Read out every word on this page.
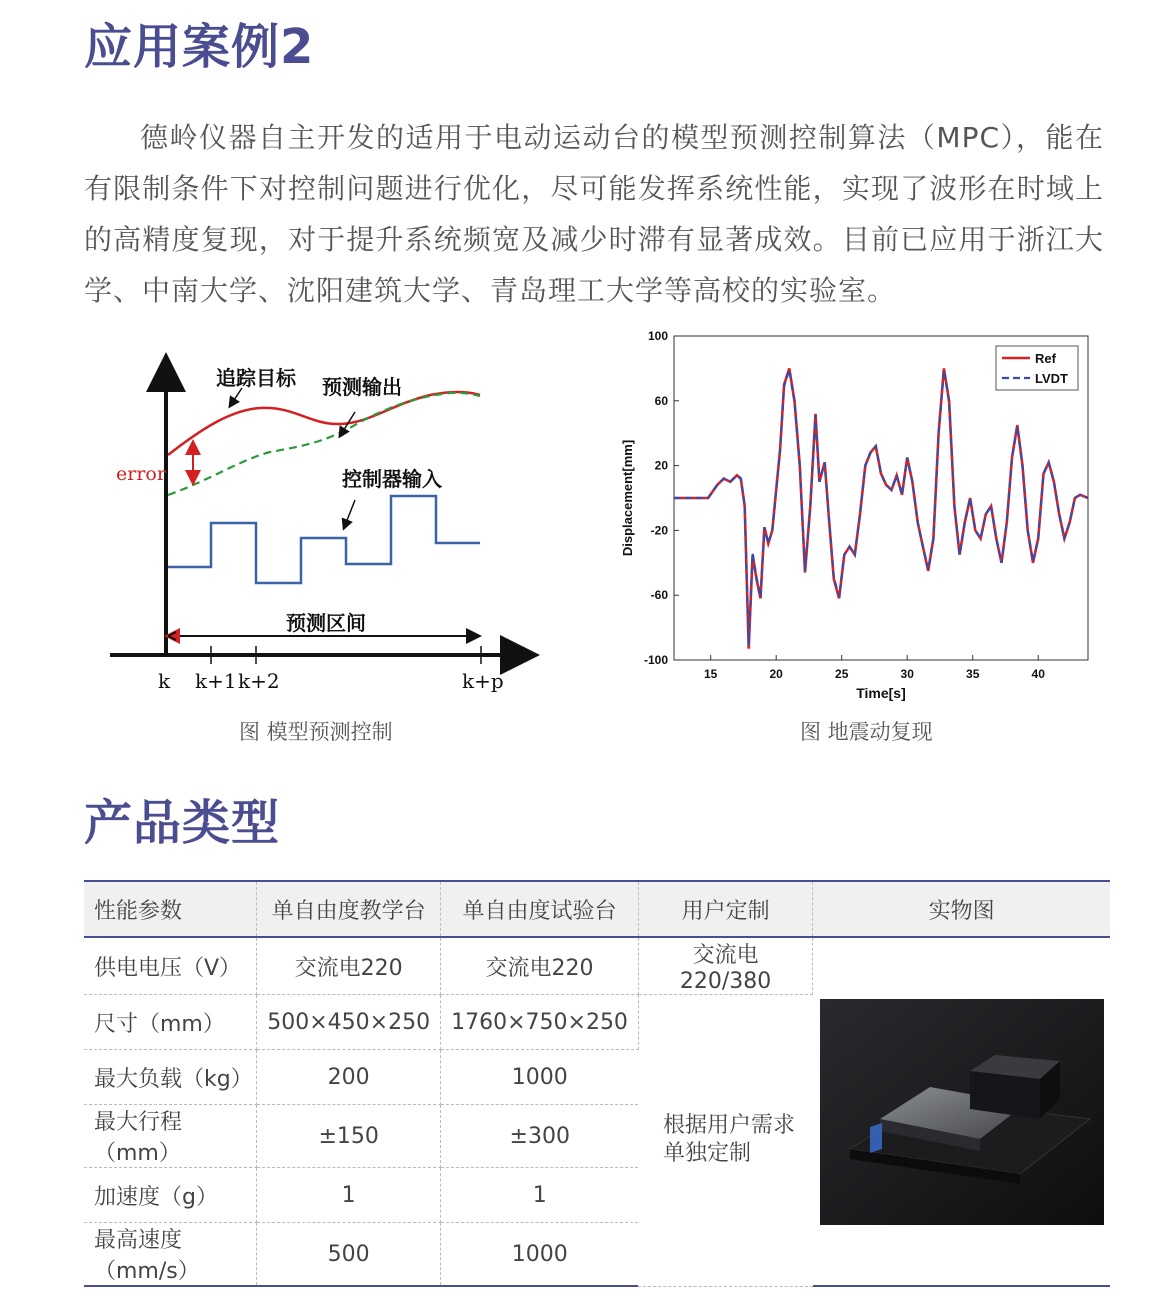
应用案例2

德岭仪器自主开发的适用于电动运动台的模型预测控制算法（MPC），能在有限制条件下对控制问题进行优化，尽可能发挥系统性能，实现了波形在时域上的高精度复现，对于提升系统频宽及减少时滞有显著成效。目前已应用于浙江大学、中南大学、沈阳建筑大学、青岛理工大学等高校的实验室。

追踪目标 预测输出
error	控制器输入
预测区间
k k+1 k+2	k+p
图 模型预测控制
100
60
20
-20
-60
-100
15	20	25	30	35	40
Displacement[mm]
Time[s]
Ref
LVDT
图 地震动复现
产品类型
性能参数	单自由度教学台	单自由度试验台	用户定制	实物图
供电电压（V）	交流电220	交流电220	交流电220/380	

尺寸（mm）	500×450×250	1760×750×250	根据用户需求
单独定制	

最大负载（kg）	200	1000		
最大行程（mm）	±150	±300		
加速度（g）	1	1		
最高速度（mm/s）	500	1000		
